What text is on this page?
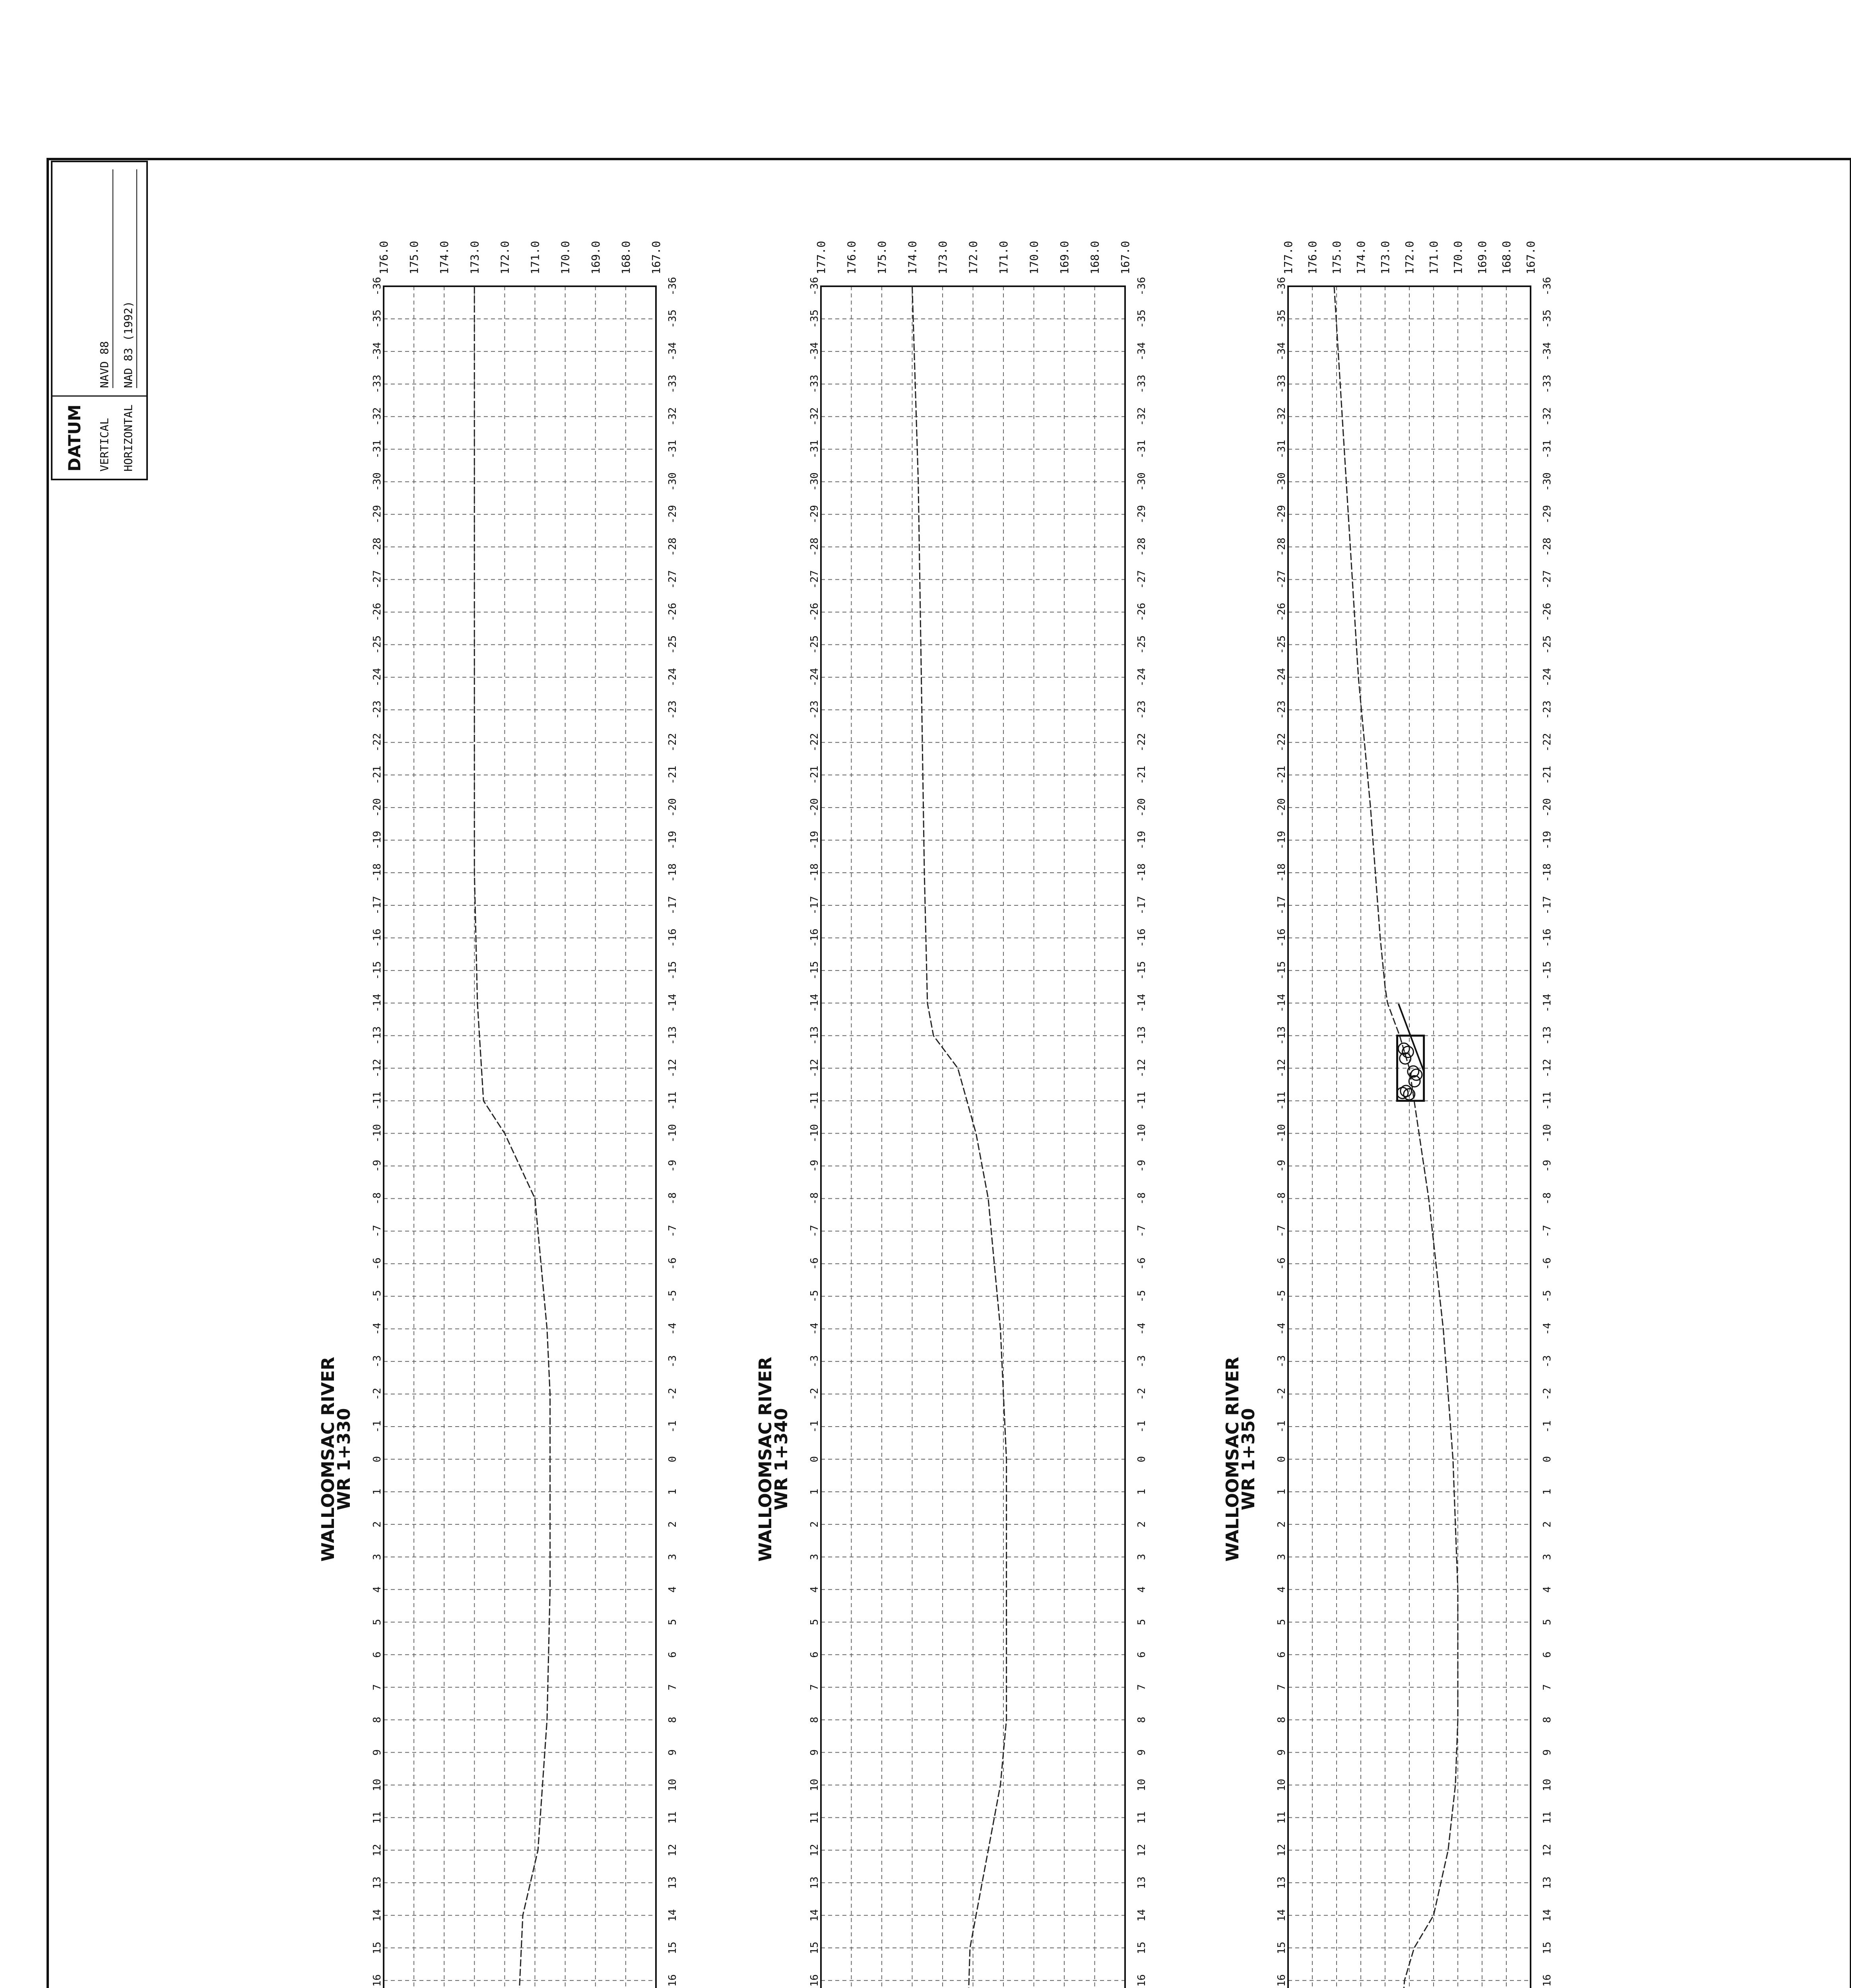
DATUM VERTICAL
NAVD 88
HORIZONTAL
NAD 83 (1992)
167.0
168.0
169.0
170.0
171.0
172.0
173.0
174.0
175.0
176.0
177.0
-36	-36
-35	-35
-34	-34
-33	-33
-32	-32
-31	-31
-30	-30
-29	-29
-28	-28
-27	-27
-26	-26
-25	-25
-24	-24
-23	-23
-22	-22
-21	-21
-20	-20
-19	-19
-18	-18
-17	-17
-16	-16
-15	-15
-14	-14
-13	-13
-12	-12
-11	-11
-10	-10
-9	-9
-8	-8
-7	-7
-6	-6
-5	-5
-4	-4
-3	-3
-2	-2
-1	-1
0	0
1	1
2	2
3	3
4	4
5	5
6	6
7	7
8	8
9	9
10	10
11	11
12	12
13	13
14	14
15	15
16	16
WR 1+350
WALLOOMSAC RIVER
167.0
168.0
169.0
170.0
171.0
172.0
173.0
174.0
175.0
176.0
177.0
-36	-36
-35	-35
-34	-34
-33	-33
-32	-32
-31	-31
-30	-30
-29	-29
-28	-28
-27	-27
-26	-26
-25	-25
-24	-24
-23	-23
-22	-22
-21	-21
-20	-20
-19	-19
-18	-18
-17	-17
-16	-16
-15	-15
-14	-14
-13	-13
-12	-12
-11	-11
-10	-10
-9	-9
-8	-8
-7	-7
-6	-6
-5	-5
-4	-4
-3	-3
-2	-2
-1	-1
0	0
1	1
2	2
3	3
4	4
5	5
6	6
7	7
8	8
9	9
10	10
11	11
12	12
13	13
14	14
15	15
16	16
WR 1+340
WALLOOMSAC RIVER
167.0
168.0
169.0
170.0
171.0
172.0
173.0
174.0
175.0
176.0
-36	-36
-35	-35
-34	-34
-33	-33
-32	-32
-31	-31
-30	-30
-29	-29
-28	-28
-27	-27
-26	-26
-25	-25
-24	-24
-23	-23
-22	-22
-21	-21
-20	-20
-19	-19
-18	-18
-17	-17
-16	-16
-15	-15
-14	-14
-13	-13
-12	-12
-11	-11
-10	-10
-9	-9
-8	-8
-7	-7
-6	-6
-5	-5
-4	-4
-3	-3
-2	-2
-1	-1
0	0
1	1
2	2
3	3
4	4
5	5
6	6
7	7
8	8
9	9
10	10
11	11
12	12
13	13
14	14
15	15
16	16
WR 1+330
WALLOOMSAC RIVER
